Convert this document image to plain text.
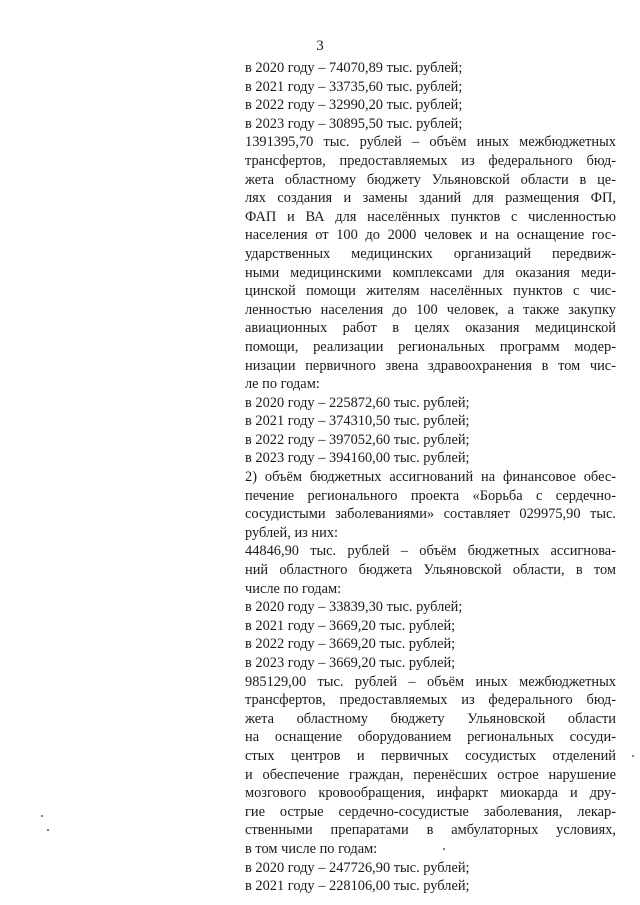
3
в 2020 году – 74070,89 тыс. рублей;
в 2021 году – 33735,60 тыс. рублей;
в 2022 году – 32990,20 тыс. рублей;
в 2023 году – 30895,50 тыс. рублей;
1391395,70 тыс. рублей – объём иных межбюджетных
трансфертов, предоставляемых из федерального бюд-
жета областному бюджету Ульяновской области в це-
лях создания и замены зданий для размещения ФП,
ФАП и ВА для населённых пунктов с численностью
населения от 100 до 2000 человек и на оснащение гос-
ударственных медицинских организаций передвиж-
ными медицинскими комплексами для оказания меди-
цинской помощи жителям населённых пунктов с чис-
ленностью населения до 100 человек, а также закупку
авиационных работ в целях оказания медицинской
помощи, реализации региональных программ модер-
низации первичного звена здравоохранения в том чис-
ле по годам:
в 2020 году – 225872,60 тыс. рублей;
в 2021 году – 374310,50 тыс. рублей;
в 2022 году – 397052,60 тыс. рублей;
в 2023 году – 394160,00 тыс. рублей;
2) объём бюджетных ассигнований на финансовое обес-
печение регионального проекта «Борьба с сердечно-
сосудистыми заболеваниями» составляет 029975,90 тыс.
рублей, из них:
44846,90 тыс. рублей – объём бюджетных ассигнова-
ний областного бюджета Ульяновской области, в том
числе по годам:
в 2020 году – 33839,30 тыс. рублей;
в 2021 году – 3669,20 тыс. рублей;
в 2022 году – 3669,20 тыс. рублей;
в 2023 году – 3669,20 тыс. рублей;
985129,00 тыс. рублей – объём иных межбюджетных
трансфертов, предоставляемых из федерального бюд-
жета областному бюджету Ульяновской области
на оснащение оборудованием региональных сосуди-
стых центров и первичных сосудистых отделений
и обеспечение граждан, перенёсших острое нарушение
мозгового кровообращения, инфаркт миокарда и дру-
гие острые сердечно-сосудистые заболевания, лекар-
ственными препаратами в амбулаторных условиях,
в том числе по годам:
в 2020 году – 247726,90 тыс. рублей;
в 2021 году – 228106,00 тыс. рублей;
